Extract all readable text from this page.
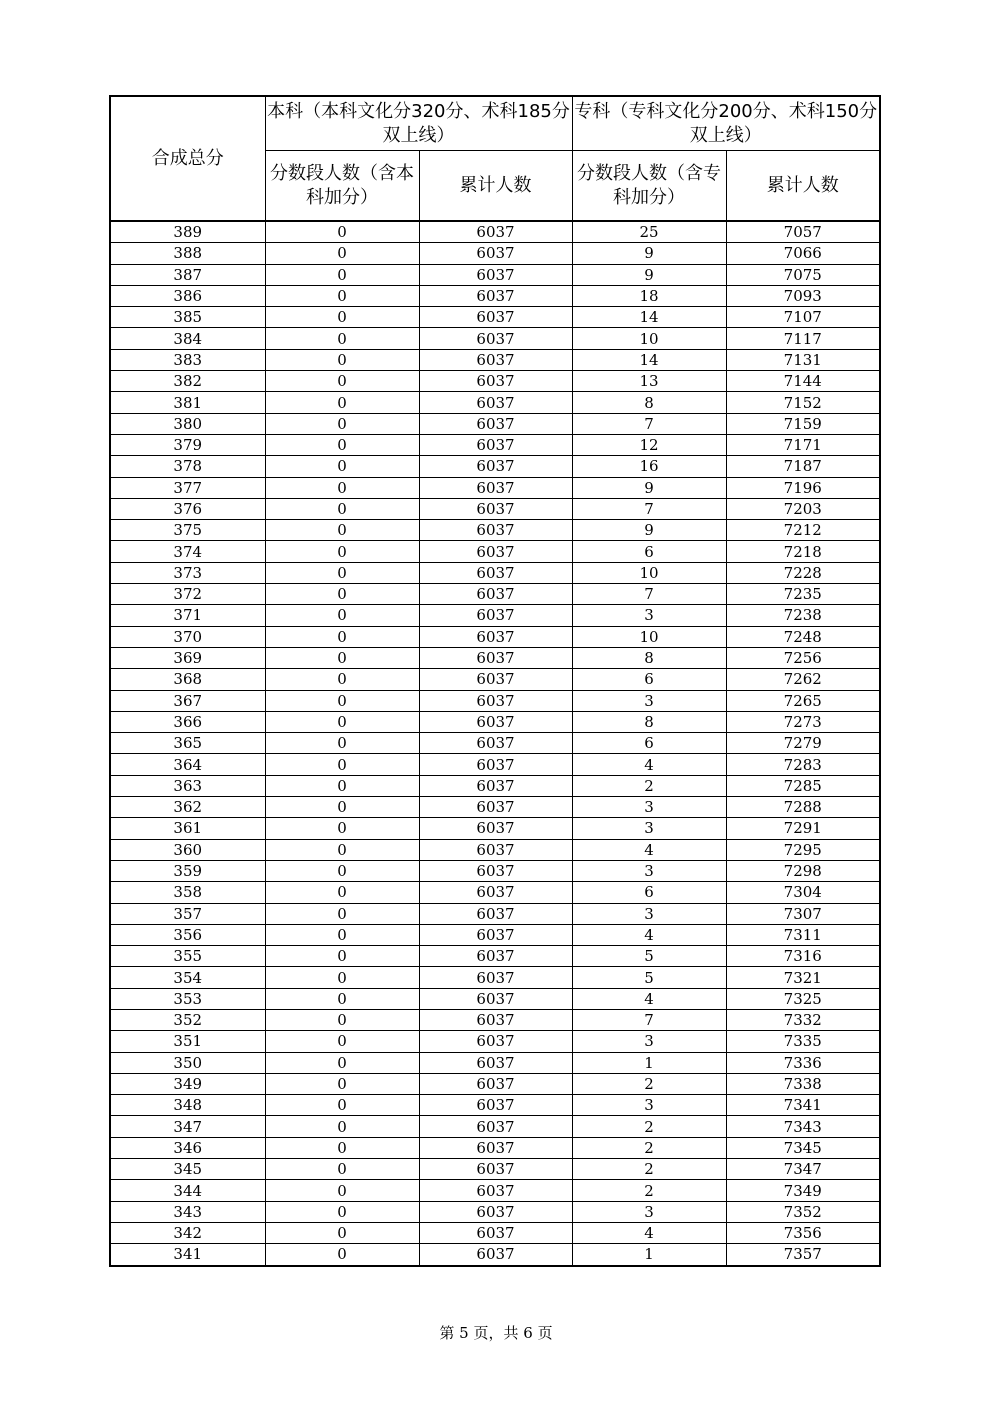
合成总分	本科（本科文化分320分、术科185分双上线）		专科（专科文化分200分、术科150分双上线）	
	分数段人数（含本科加分）	累计人数	分数段人数（含专科加分）	累计人数
389	0	6037	25	7057
388	0	6037	9	7066
387	0	6037	9	7075
386	0	6037	18	7093
385	0	6037	14	7107
384	0	6037	10	7117
383	0	6037	14	7131
382	0	6037	13	7144
381	0	6037	8	7152
380	0	6037	7	7159
379	0	6037	12	7171
378	0	6037	16	7187
377	0	6037	9	7196
376	0	6037	7	7203
375	0	6037	9	7212
374	0	6037	6	7218
373	0	6037	10	7228
372	0	6037	7	7235
371	0	6037	3	7238
370	0	6037	10	7248
369	0	6037	8	7256
368	0	6037	6	7262
367	0	6037	3	7265
366	0	6037	8	7273
365	0	6037	6	7279
364	0	6037	4	7283
363	0	6037	2	7285
362	0	6037	3	7288
361	0	6037	3	7291
360	0	6037	4	7295
359	0	6037	3	7298
358	0	6037	6	7304
357	0	6037	3	7307
356	0	6037	4	7311
355	0	6037	5	7316
354	0	6037	5	7321
353	0	6037	4	7325
352	0	6037	7	7332
351	0	6037	3	7335
350	0	6037	1	7336
349	0	6037	2	7338
348	0	6037	3	7341
347	0	6037	2	7343
346	0	6037	2	7345
345	0	6037	2	7347
344	0	6037	2	7349
343	0	6037	3	7352
342	0	6037	4	7356
341	0	6037	1	7357
第 5 页，共 6 页
